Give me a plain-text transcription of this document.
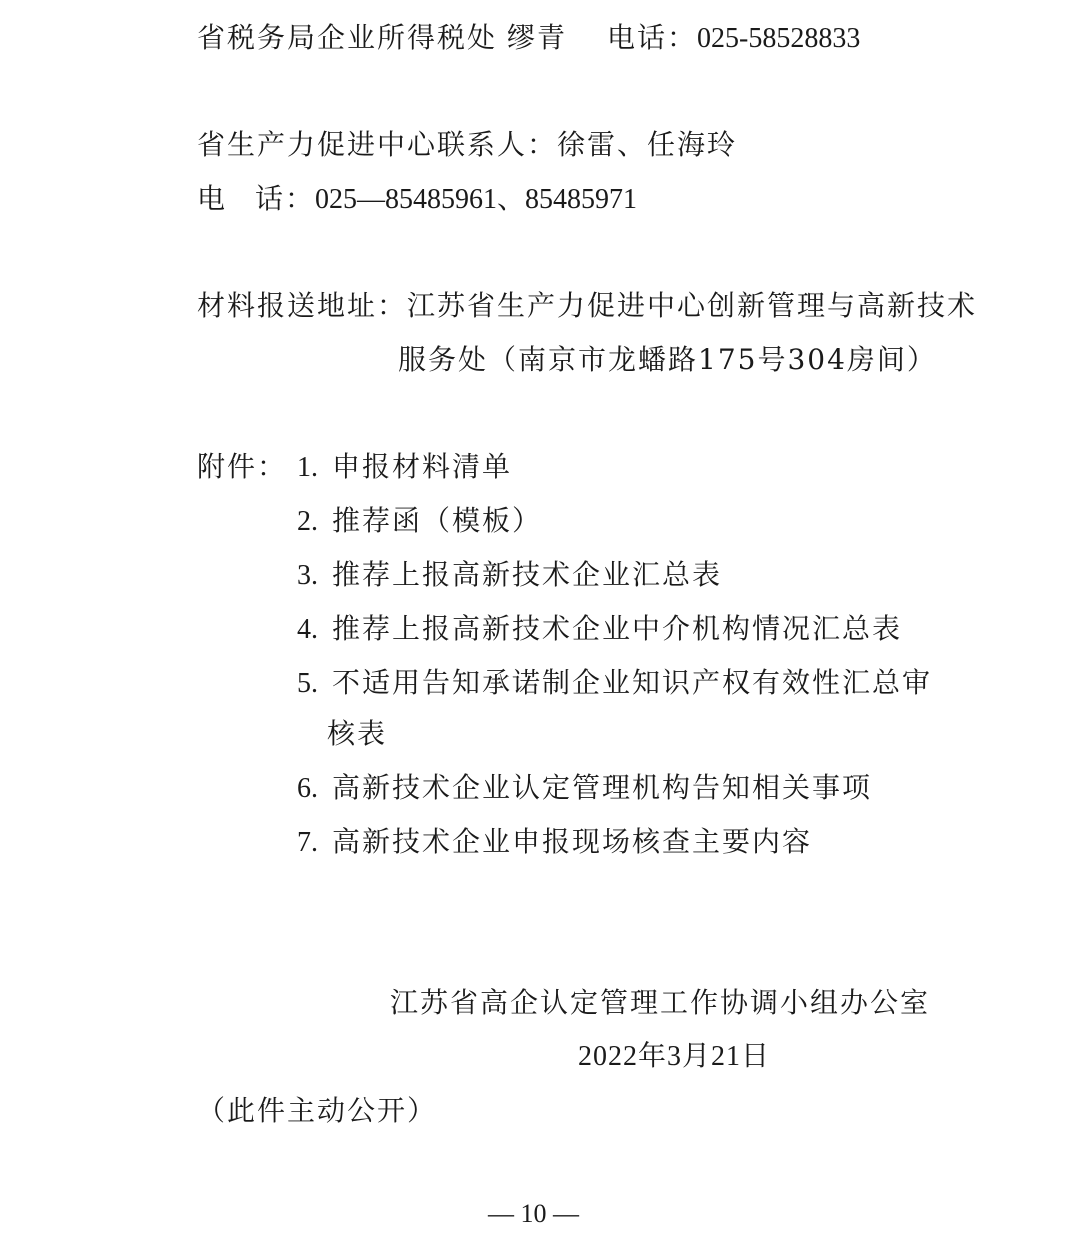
省税务局企业所得税处 缪青 电话：025-58528833
省生产力促进中心联系人：徐雷、任海玲
电 话：025—85485961、85485971
材料报送地址：江苏省生产力促进中心创新管理与高新技术
服务处（南京市龙蟠路175号304房间）
附件： 1. 申报材料清单
2. 推荐函（模板）
3. 推荐上报高新技术企业汇总表
4. 推荐上报高新技术企业中介机构情况汇总表
5. 不适用告知承诺制企业知识产权有效性汇总审
核表
6. 高新技术企业认定管理机构告知相关事项
7. 高新技术企业申报现场核查主要内容
江苏省高企认定管理工作协调小组办公室
2022年3月21日
（此件主动公开）
— 10 —
